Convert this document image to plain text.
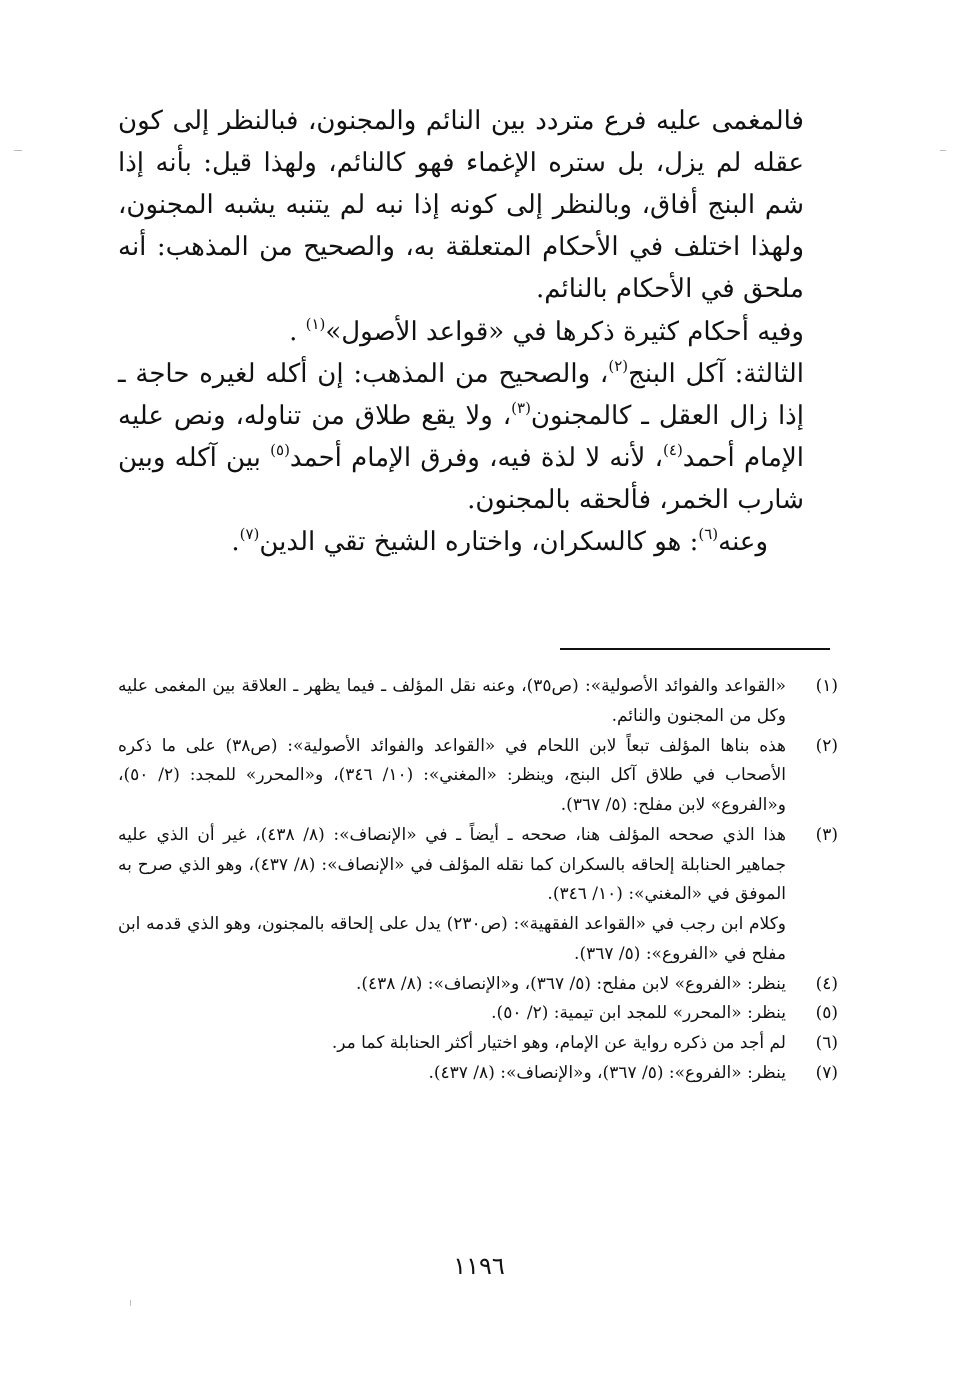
فالمغمى عليه فرع متردد بين النائم والمجنون، فبالنظر إلى كون عقله لم يزل، بل ستره الإغماء فهو كالنائم، ولهذا قيل: بأنه إذا شم البنج أفاق، وبالنظر إلى كونه إذا نبه لم يتنبه يشبه المجنون، ولهذا اختلف في الأحكام المتعلقة به، والصحيح من المذهب: أنه ملحق في الأحكام بالنائم.

وفيه أحكام كثيرة ذكرها في «قواعد الأصول»$^{(١)}$ .

الثالثة: آكل البنج$^{(٢)}$، والصحيح من المذهب: إن أكله لغيره حاجة ـ إذا زال العقل ـ كالمجنون$^{(٣)}$، ولا يقع طلاق من تناوله، ونص عليه الإمام أحمد$^{(٤)}$، لأنه لا لذة فيه، وفرق الإمام أحمد$^{(٥)}$ بين آكله وبين شارب الخمر، فألحقه بالمجنون.

وعنه$^{(٦)}$: هو كالسكران، واختاره الشيخ تقي الدين$^{(٧)}$.

(١)
«القواعد والفوائد الأصولية»: (ص٣٥)، وعنه نقل المؤلف ـ فيما يظهر ـ العلاقة بين المغمى عليه وكل من المجنون والنائم.
(٢)
هذه بناها المؤلف تبعاً لابن اللحام في «القواعد والفوائد الأصولية»: (ص٣٨) على ما ذكره الأصحاب في طلاق آكل البنج، وينظر: «المغني»: (١٠/ ٣٤٦)، و«المحرر» للمجد: (٢/ ٥٠)، و«الفروع» لابن مفلح: (٥/ ٣٦٧).
(٣)
هذا الذي صححه المؤلف هنا، صححه ـ أيضاً ـ في «الإنصاف»: (٨/ ٤٣٨)، غير أن الذي عليه جماهير الحنابلة إلحاقه بالسكران كما نقله المؤلف في «الإنصاف»: (٨/ ٤٣٧)، وهو الذي صرح به الموفق في «المغني»: (١٠/ ٣٤٦).
وكلام ابن رجب في «القواعد الفقهية»: (ص٢٣٠) يدل على إلحاقه بالمجنون، وهو الذي قدمه ابن مفلح في «الفروع»: (٥/ ٣٦٧).
(٤)
ينظر: «الفروع» لابن مفلح: (٥/ ٣٦٧)، و«الإنصاف»: (٨/ ٤٣٨).
(٥)
ينظر: «المحرر» للمجد ابن تيمية: (٢/ ٥٠).
(٦)
لم أجد من ذكره رواية عن الإمام، وهو اختيار أكثر الحنابلة كما مر.
(٧)
ينظر: «الفروع»: (٥/ ٣٦٧)، و«الإنصاف»: (٨/ ٤٣٧).
١١٩٦
